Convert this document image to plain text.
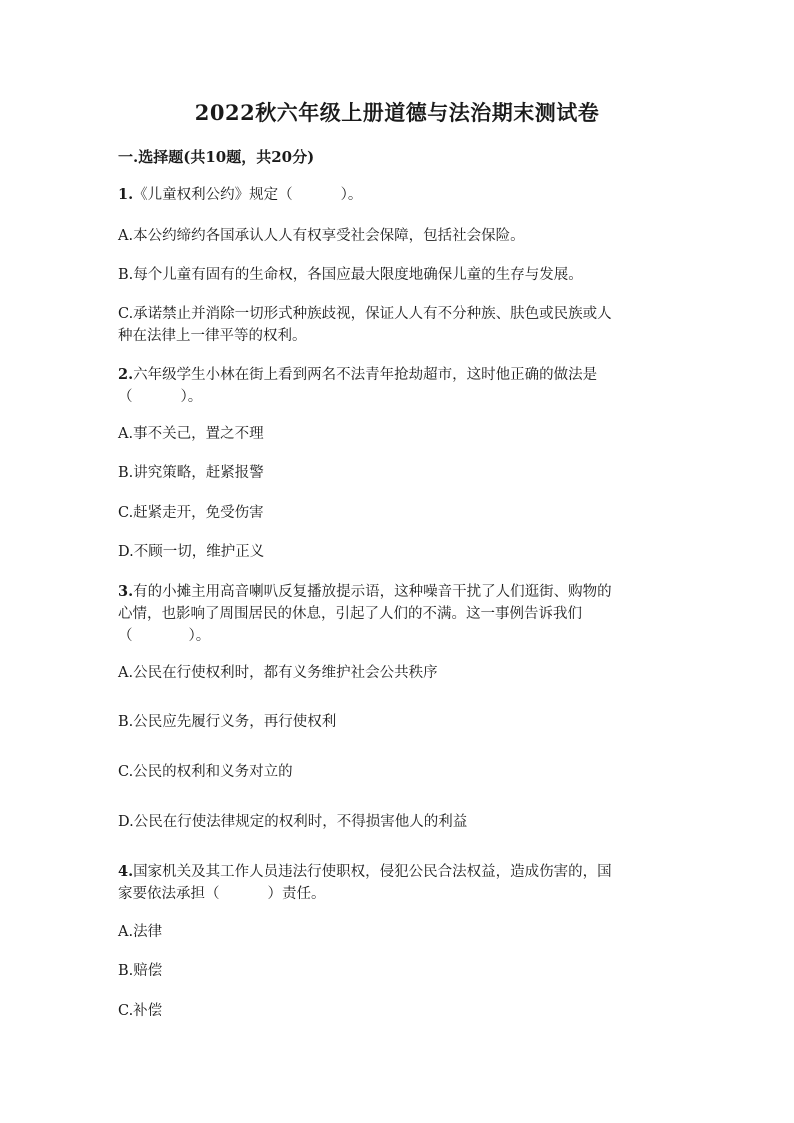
2022秋六年级上册道德与法治期末测试卷
一.选择题(共10题，共20分)
1.《儿童权利公约》规定（	）。
A.本公约缔约各国承认人人有权享受社会保障，包括社会保险。
B.每个儿童有固有的生命权，各国应最大限度地确保儿童的生存与发展。
C.承诺禁止并消除一切形式种族歧视，保证人人有不分种族、肤色或民族或人
种在法律上一律平等的权利。
2.六年级学生小林在街上看到两名不法青年抢劫超市，这时他正确的做法是
（	）。
A.事不关己，置之不理
B.讲究策略，赶紧报警
C.赶紧走开，免受伤害
D.不顾一切，维护正义
3.有的小摊主用高音喇叭反复播放提示语，这种噪音干扰了人们逛街、购物的
心情，也影响了周围居民的休息，引起了人们的不满。这一事例告诉我们
（	）。
A.公民在行使权利时，都有义务维护社会公共秩序
B.公民应先履行义务，再行使权利
C.公民的权利和义务对立的
D.公民在行使法律规定的权利时，不得损害他人的利益
4.国家机关及其工作人员违法行使职权，侵犯公民合法权益，造成伤害的，国
家要依法承担（	）责任。
A.法律
B.赔偿
C.补偿
